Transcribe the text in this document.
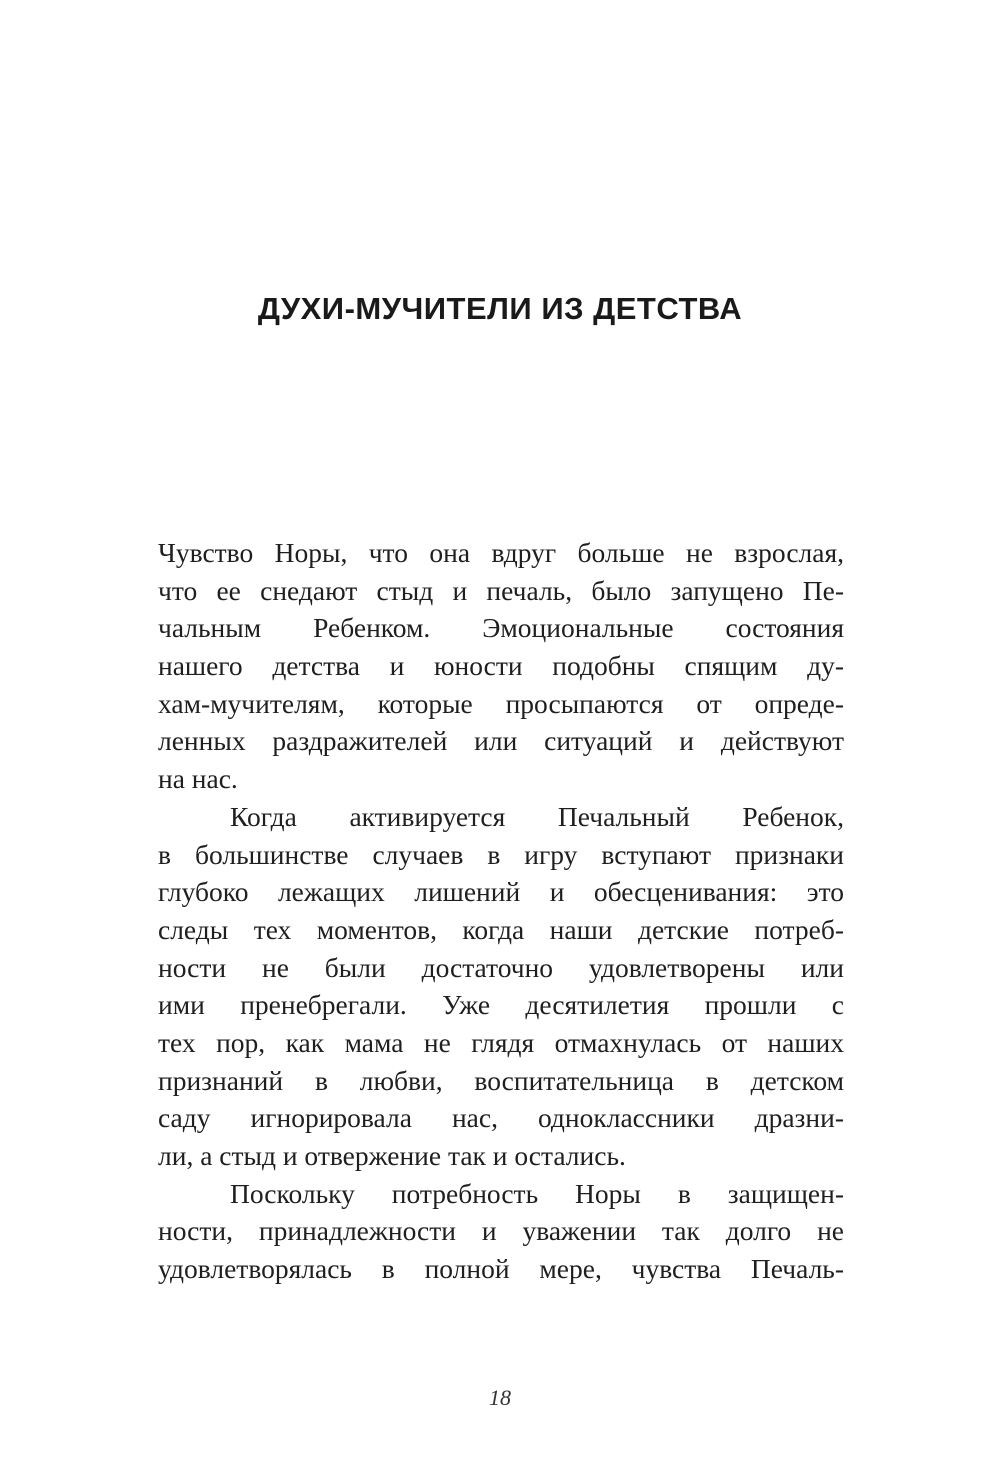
ДУХИ-МУЧИТЕЛИ ИЗ ДЕТСТВА
Чувство Норы, что она вдруг больше не взрослая,
что ее снедают стыд и печаль, было запущено Пе-
чальным Ребенком. Эмоциональные состояния
нашего детства и юности подобны спящим ду-
хам-мучителям, которые просыпаются от опреде-
ленных раздражителей или ситуаций и действуют
на нас.
Когда активируется Печальный Ребенок,
в большинстве случаев в игру вступают признаки
глубоко лежащих лишений и обесценивания: это
следы тех моментов, когда наши детские потреб-
ности не были достаточно удовлетворены или
ими пренебрегали. Уже десятилетия прошли с
тех пор, как мама не глядя отмахнулась от наших
признаний в любви, воспитательница в детском
саду игнорировала нас, одноклассники дразни-
ли, а стыд и отвержение так и остались.
Поскольку потребность Норы в защищен-
ности, принадлежности и уважении так долго не
удовлетворялась в полной мере, чувства Печаль-
18
